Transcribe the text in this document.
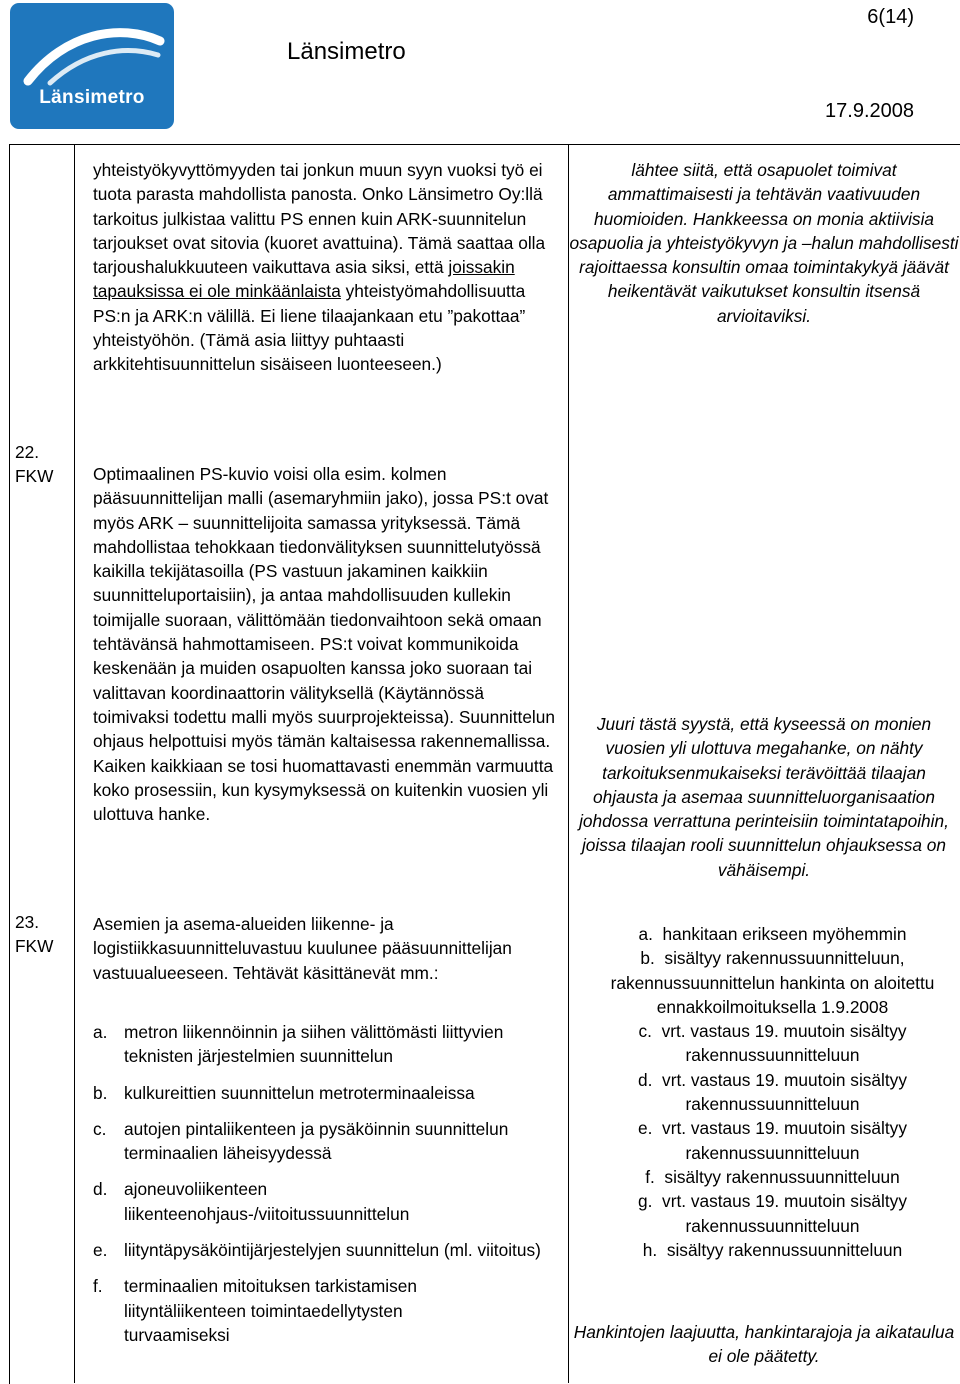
Länsimetro
6(14)
Länsimetro
17.9.2008
yhteistyökyvyttömyyden tai jonkun muun syyn vuoksi työ ei tuota parasta mahdollista panosta. Onko Länsimetro Oy:llä tarkoitus julkistaa valittu PS ennen kuin ARK-suunnitelun tarjoukset ovat sitovia (kuoret avattuina). Tämä saattaa olla tarjoushalukkuuteen vaikuttava asia siksi, että joissakin tapauksissa ei ole minkäänlaista yhteistyömahdollisuutta PS:n ja ARK:n välillä. Ei liene tilaajankaan etu ”pakottaa” yhteistyöhön. (Tämä asia liittyy puhtaasti arkkitehtisuunnittelun sisäiseen luonteeseen.)
lähtee siitä, että osapuolet toimivat ammattimaisesti ja tehtävän vaativuuden huomioiden. Hankkeessa on monia aktiivisia osapuolia ja yhteistyökyvyn ja –halun mahdollisesti rajoittaessa konsultin omaa toimintakykyä jäävät heikentävät vaikutukset konsultin itsensä arvioitaviksi.
22.
FKW Optimaalinen PS-kuvio voisi olla esim. kolmen pääsuunnittelijan malli (asemaryhmiin jako), jossa PS:t ovat myös ARK – suunnittelijoita samassa yrityksessä. Tämä mahdollistaa tehokkaan tiedonvälityksen suunnittelutyössä kaikilla tekijätasoilla (PS vastuun jakaminen kaikkiin suunnitteluportaisiin), ja antaa mahdollisuuden kullekin toimijalle suoraan, välittömään tiedonvaihtoon sekä omaan tehtävänsä hahmottamiseen. PS:t voivat kommunikoida keskenään ja muiden osapuolten kanssa joko suoraan tai valittavan koordinaattorin välityksellä (Käytännössä toimivaksi todettu malli myös suurprojekteissa). Suunnittelun ohjaus helpottuisi myös tämän kaltaisessa rakennemallissa. Kaiken kaikkiaan se tosi huomattavasti enemmän varmuutta koko prosessiin, kun kysymyksessä on kuitenkin vuosien yli ulottuva hanke.
Juuri tästä syystä, että kyseessä on monien vuosien yli ulottuva megahanke, on nähty tarkoituksenmukaiseksi terävöittää tilaajan ohjausta ja asemaa suunnitteluorganisaation johdossa verrattuna perinteisiin toimintatapoihin, joissa tilaajan rooli suunnittelun ohjauksessa on vähäisempi.
23.
FKW
Asemien ja asema-alueiden liikenne- ja logistiikkasuunnitteluvastuu kuulunee pääsuunnittelijan vastuualueeseen. Tehtävät käsittänevät mm.:
a. metron liikennöinnin ja siihen välittömästi liittyvien teknisten järjestelmien suunnittelun
b. kulkureittien suunnittelun metroterminaaleissa
c. autojen pintaliikenteen ja pysäköinnin suunnittelun terminaalien läheisyydessä
d. ajoneuvoliikenteen liikenteenohjaus-/viitoitussuunnittelun
e. liityntäpysäköintijärjestelyjen suunnittelun (ml. viitoitus)
f. terminaalien mitoituksen tarkistamisen liityntäliikenteen toimintaedellytysten turvaamiseksi
a. hankitaan erikseen myöhemmin
b. sisältyy rakennussuunnitteluun, rakennussuunnittelun hankinta on aloitettu ennakkoilmoituksella 1.9.2008
c. vrt. vastaus 19. muutoin sisältyy rakennussuunnitteluun
d. vrt. vastaus 19. muutoin sisältyy rakennussuunnitteluun
e. vrt. vastaus 19. muutoin sisältyy rakennussuunnitteluun
f. sisältyy rakennussuunnitteluun
g. vrt. vastaus 19. muutoin sisältyy rakennussuunnitteluun
h. sisältyy rakennussuunnitteluun
Hankintojen laajuutta, hankintarajoja ja aikataulua ei ole päätetty.
